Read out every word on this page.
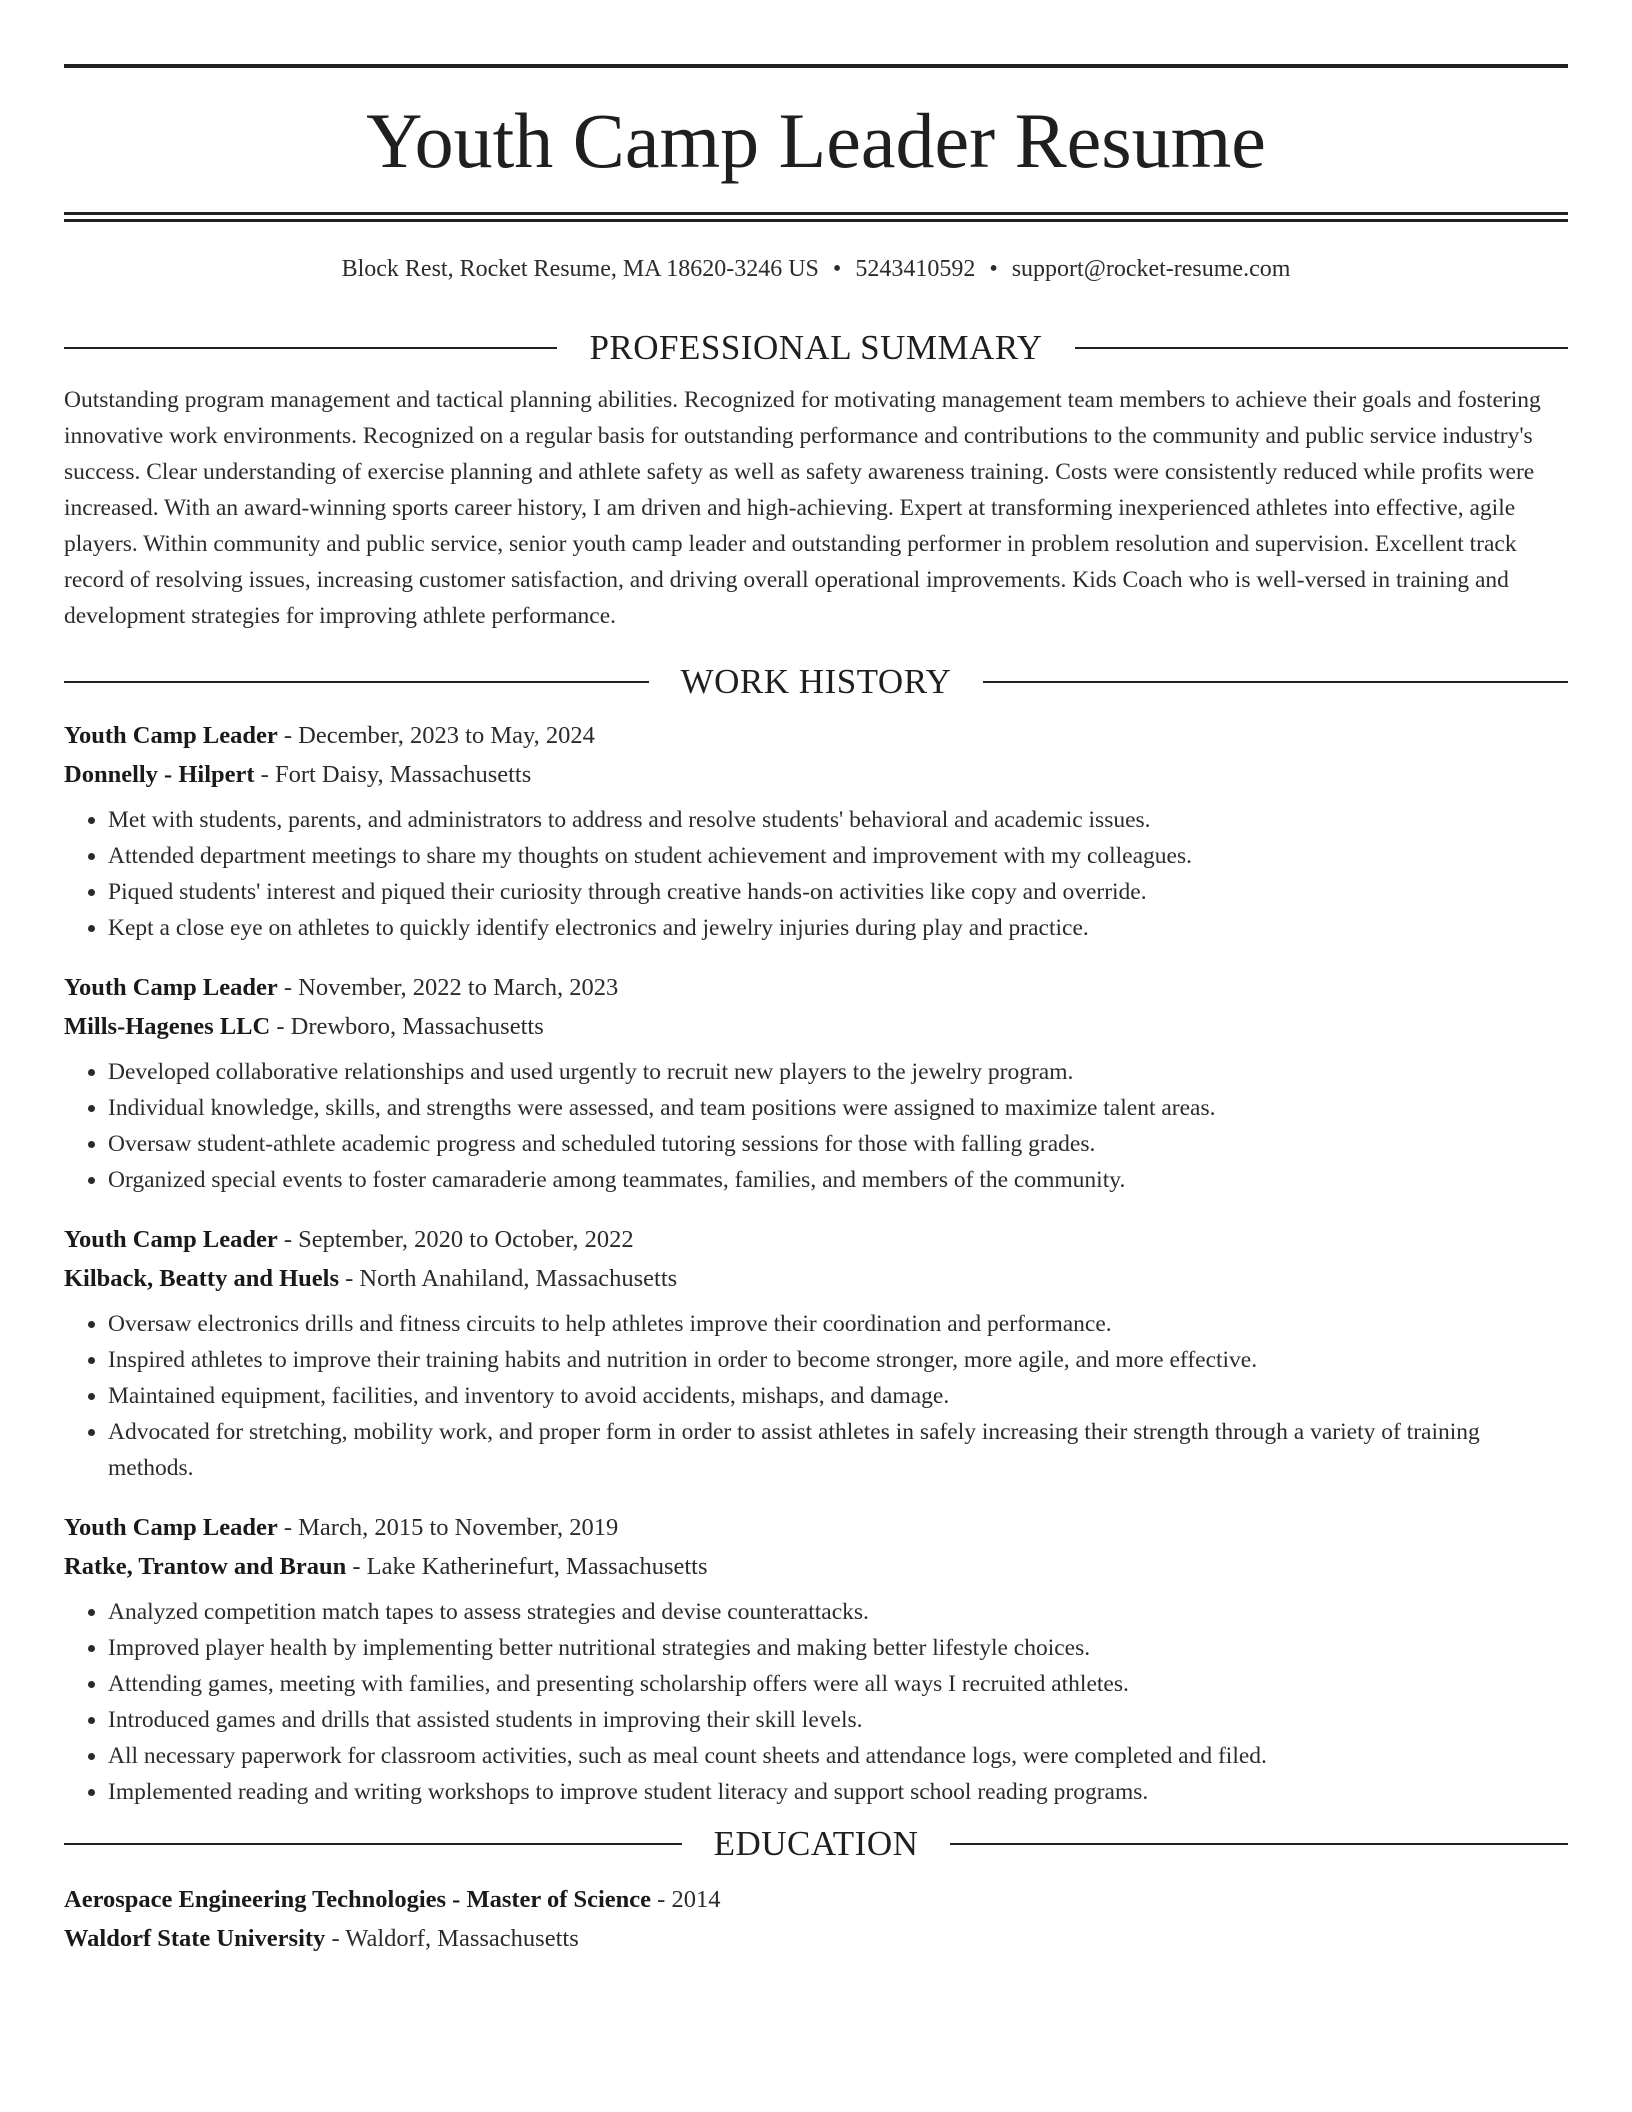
Youth Camp Leader Resume
Block Rest, Rocket Resume, MA 18620-3246 US • 5243410592 • support@rocket-resume.com
PROFESSIONAL SUMMARY
Outstanding program management and tactical planning abilities. Recognized for motivating management team members to achieve their goals and fostering innovative work environments. Recognized on a regular basis for outstanding performance and contributions to the community and public service industry's success. Clear understanding of exercise planning and athlete safety as well as safety awareness training. Costs were consistently reduced while profits were increased. With an award-winning sports career history, I am driven and high-achieving. Expert at transforming inexperienced athletes into effective, agile players. Within community and public service, senior youth camp leader and outstanding performer in problem resolution and supervision. Excellent track record of resolving issues, increasing customer satisfaction, and driving overall operational improvements. Kids Coach who is well-versed in training and development strategies for improving athlete performance.
WORK HISTORY
Youth Camp Leader - December, 2023 to May, 2024
Donnelly - Hilpert - Fort Daisy, Massachusetts
• Met with students, parents, and administrators to address and resolve students' behavioral and academic issues.
• Attended department meetings to share my thoughts on student achievement and improvement with my colleagues.
• Piqued students' interest and piqued their curiosity through creative hands-on activities like copy and override.
• Kept a close eye on athletes to quickly identify electronics and jewelry injuries during play and practice.
Youth Camp Leader - November, 2022 to March, 2023
Mills-Hagenes LLC - Drewboro, Massachusetts
• Developed collaborative relationships and used urgently to recruit new players to the jewelry program.
• Individual knowledge, skills, and strengths were assessed, and team positions were assigned to maximize talent areas.
• Oversaw student-athlete academic progress and scheduled tutoring sessions for those with falling grades.
• Organized special events to foster camaraderie among teammates, families, and members of the community.
Youth Camp Leader - September, 2020 to October, 2022
Kilback, Beatty and Huels - North Anahiland, Massachusetts
• Oversaw electronics drills and fitness circuits to help athletes improve their coordination and performance.
• Inspired athletes to improve their training habits and nutrition in order to become stronger, more agile, and more effective.
• Maintained equipment, facilities, and inventory to avoid accidents, mishaps, and damage.
• Advocated for stretching, mobility work, and proper form in order to assist athletes in safely increasing their strength through a variety of training methods.
Youth Camp Leader - March, 2015 to November, 2019
Ratke, Trantow and Braun - Lake Katherinefurt, Massachusetts
• Analyzed competition match tapes to assess strategies and devise counterattacks.
• Improved player health by implementing better nutritional strategies and making better lifestyle choices.
• Attending games, meeting with families, and presenting scholarship offers were all ways I recruited athletes.
• Introduced games and drills that assisted students in improving their skill levels.
• All necessary paperwork for classroom activities, such as meal count sheets and attendance logs, were completed and filed.
• Implemented reading and writing workshops to improve student literacy and support school reading programs.
EDUCATION
Aerospace Engineering Technologies - Master of Science - 2014
Waldorf State University - Waldorf, Massachusetts
